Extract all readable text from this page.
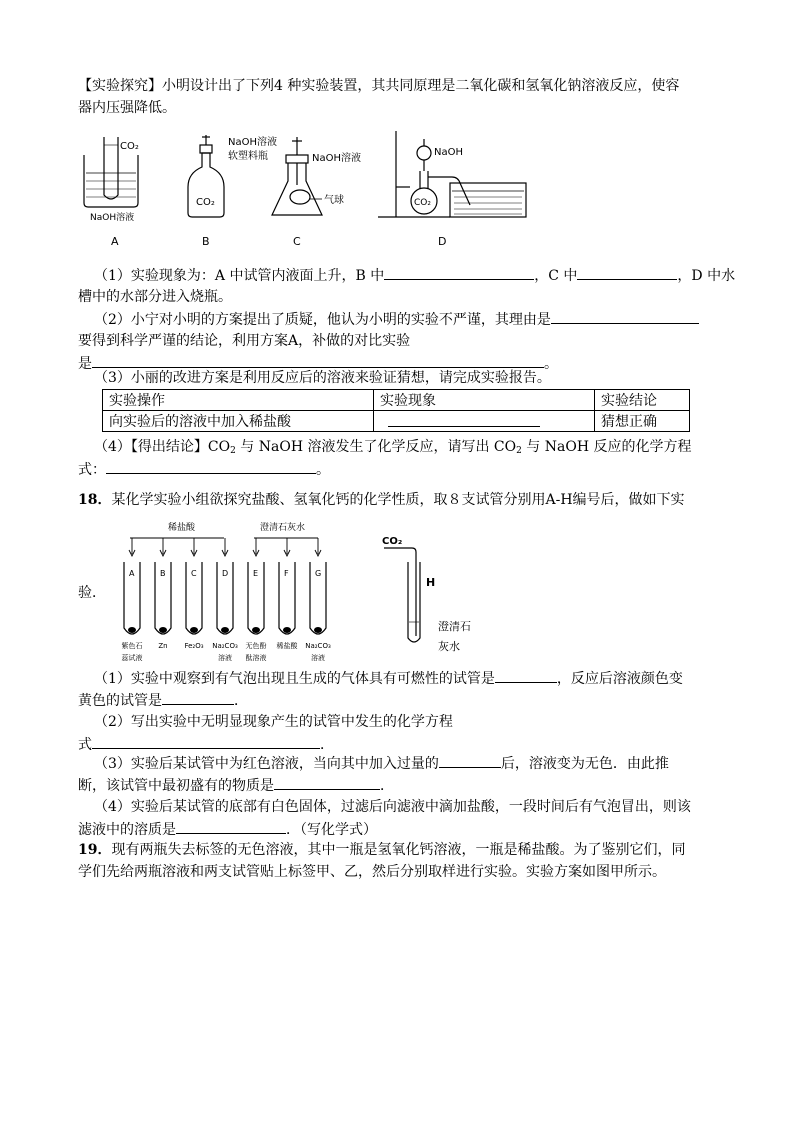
【实验探究】小明设计出了下列4 种实验装置，其共同原理是二氧化碳和氢氧化钠溶液反应，使容
器内压强降低。
CO₂
NaOH溶液
A
NaOH溶液
软塑料瓶
CO₂
B
NaOH溶液
气球
C
NaOH
CO₂
D
（1）实验现象为：A 中试管内液面上升，B 中	，C 中	，D 中水
槽中的水部分进入烧瓶。
（2）小宁对小明的方案提出了质疑，他认为小明的实验不严谨，其理由是
要得到科学严谨的结论，利用方案A，补做的对比实验
是	。
（3）小丽的改进方案是利用反应后的溶液来验证猜想，请完成实验报告。
实验操作	实验现象	实验结论
向实验后的溶液中加入稀盐酸		猜想正确
（4）【得出结论】$CO_2$ 与 NaOH 溶液发生了化学反应，请写出 $CO_2$ 与 NaOH 反应的化学方程
式：	。
18．某化学实验小组欲探究盐酸、氢氧化钙的化学性质，取８支试管分别用A-H编号后，做如下实
稀盐酸	澄清石灰水
A
紫色石
蕊试液
B
Zn
C
Fe₂O₃
D
Na₂CO₃
溶液
E
无色酚
酞溶液
F
稀盐酸
G
Na₂CO₃
溶液
CO₂
H
澄清石
灰水
验．
（1）实验中观察到有气泡出现且生成的气体具有可燃性的试管是	，反应后溶液颜色变
黄色的试管是	．
（2）写出实验中无明显现象产生的试管中发生的化学方程
式	．
（3）实验后某试管中为红色溶液，当向其中加入过量的	后，溶液变为无色．由此推
断，该试管中最初盛有的物质是	．
（4）实验后某试管的底部有白色固体，过滤后向滤液中滴加盐酸，一段时间后有气泡冒出，则该
滤液中的溶质是	．（写化学式）
19．现有两瓶失去标签的无色溶液，其中一瓶是氢氧化钙溶液，一瓶是稀盐酸。为了鉴别它们，同
学们先给两瓶溶液和两支试管贴上标签甲、乙，然后分别取样进行实验。实验方案如图甲所示。
